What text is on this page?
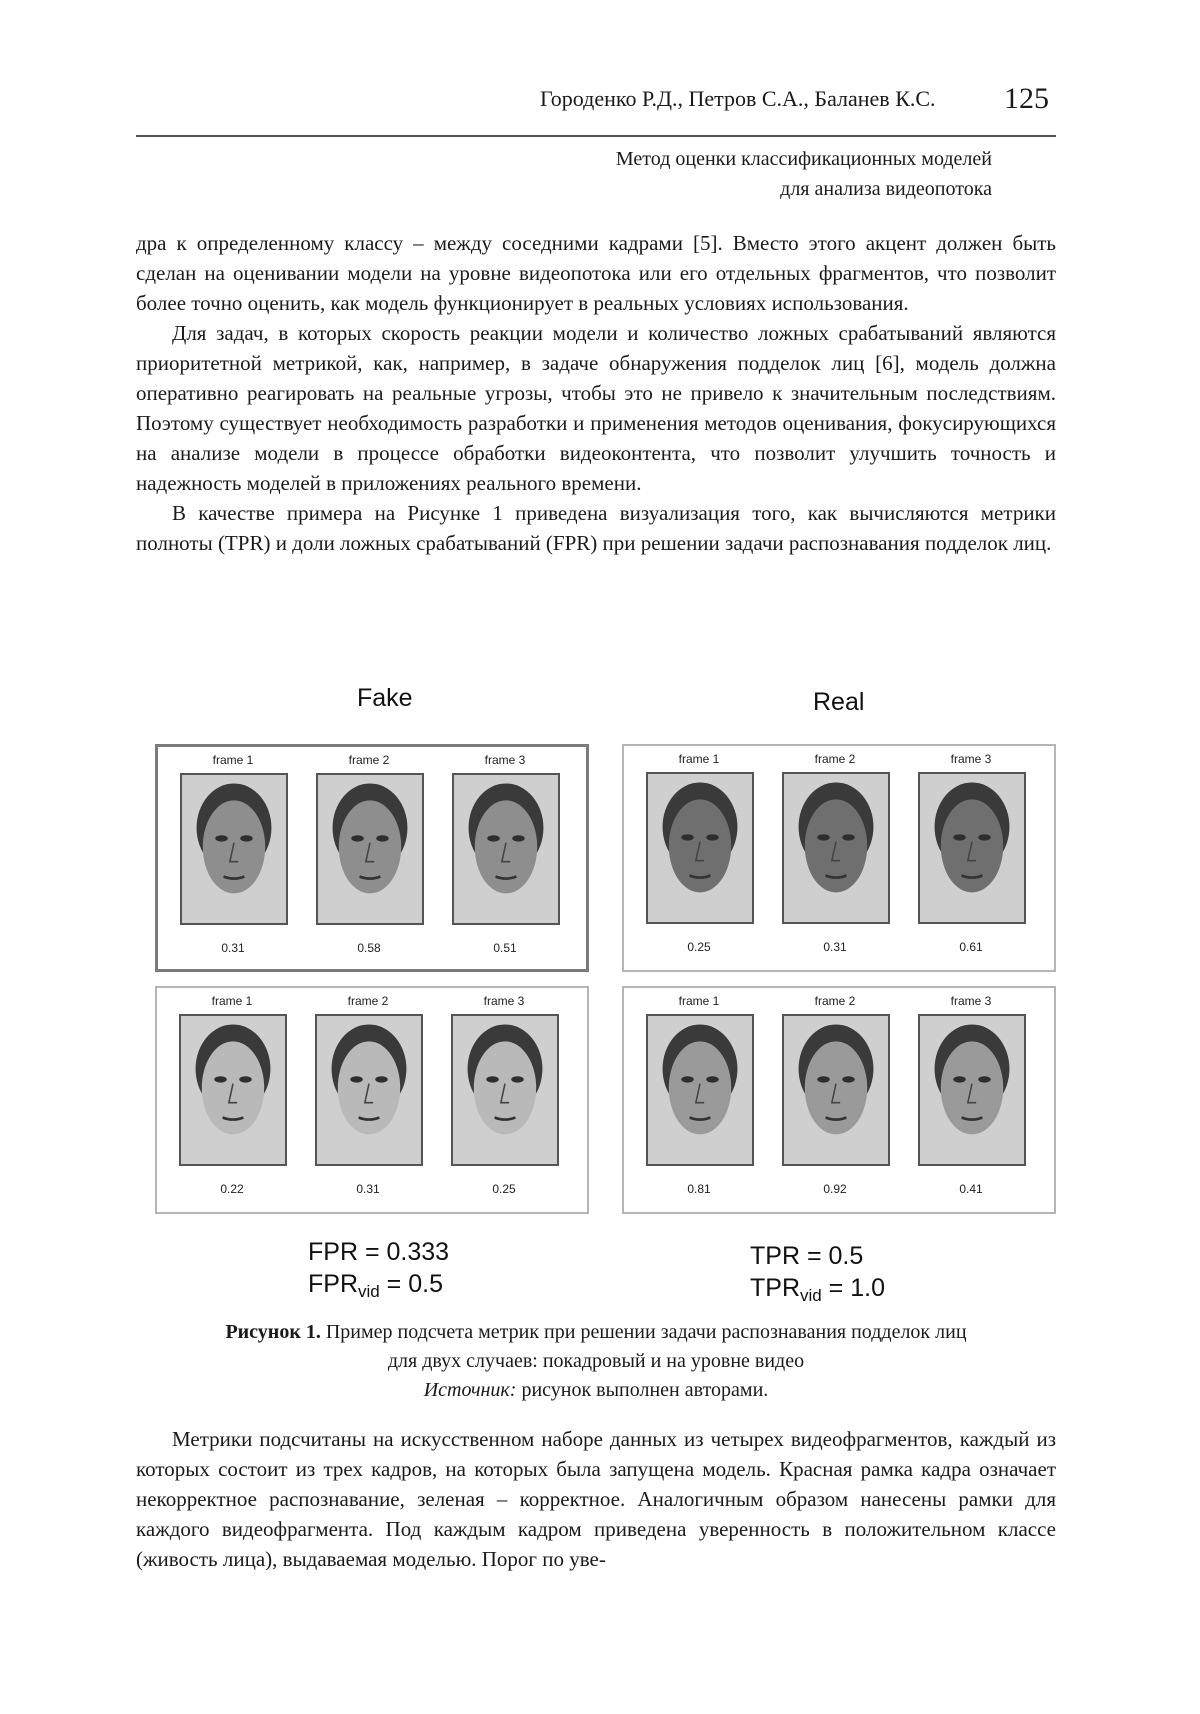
Городенко Р.Д., Петров С.А., Баланев К.С. 125
Метод оценки классификационных моделей
для анализа видеопотока

дра к определенному классу – между соседними кадрами [5]. Вместо этого акцент должен быть сделан на оценивании модели на уровне видеопотока или его отдельных фрагментов, что позволит более точно оценить, как модель функционирует в реальных условиях использования.

Для задач, в которых скорость реакции модели и количество ложных срабатываний являются приоритетной метрикой, как, например, в задаче обнаружения подделок лиц [6], модель должна оперативно реагировать на реальные угрозы, чтобы это не привело к значительным последствиям. Поэтому существует необходимость разработки и применения методов оценивания, фокусирующихся на анализе модели в процессе обработки видеоконтента, что позволит улучшить точность и надежность моделей в приложениях реального времени.

В качестве примера на Рисунке 1 приведена визуализация того, как вычисляются метрики полноты (TPR) и доли ложных срабатываний (FPR) при решении задачи распознавания подделок лиц.

Fake	Real
frame 1
0.31
frame 2
0.58
frame 3
0.51
frame 1
0.25
frame 2
0.31
frame 3
0.61
frame 1
0.22
frame 2
0.31
frame 3
0.25
frame 1
0.81
frame 2
0.92
frame 3
0.41
FPR = 0.333
$FPR_{vid} = 0.5$
TPR = 0.5
$TPR_{vid} = 1.0$
Рисунок 1. Пример подсчета метрик при решении задачи распознавания подделок лиц
для двух случаев: покадровый и на уровне видео
Источник: рисунок выполнен авторами.

Метрики подсчитаны на искусственном наборе данных из четырех видеофрагментов, каждый из которых состоит из трех кадров, на которых была запущена модель. Красная рамка кадра означает некорректное распознавание, зеленая – корректное. Аналогичным образом нанесены рамки для каждого видеофрагмента. Под каждым кадром приведена уверенность в положительном классе (живость лица), выдаваемая моделью. Порог по уве-
